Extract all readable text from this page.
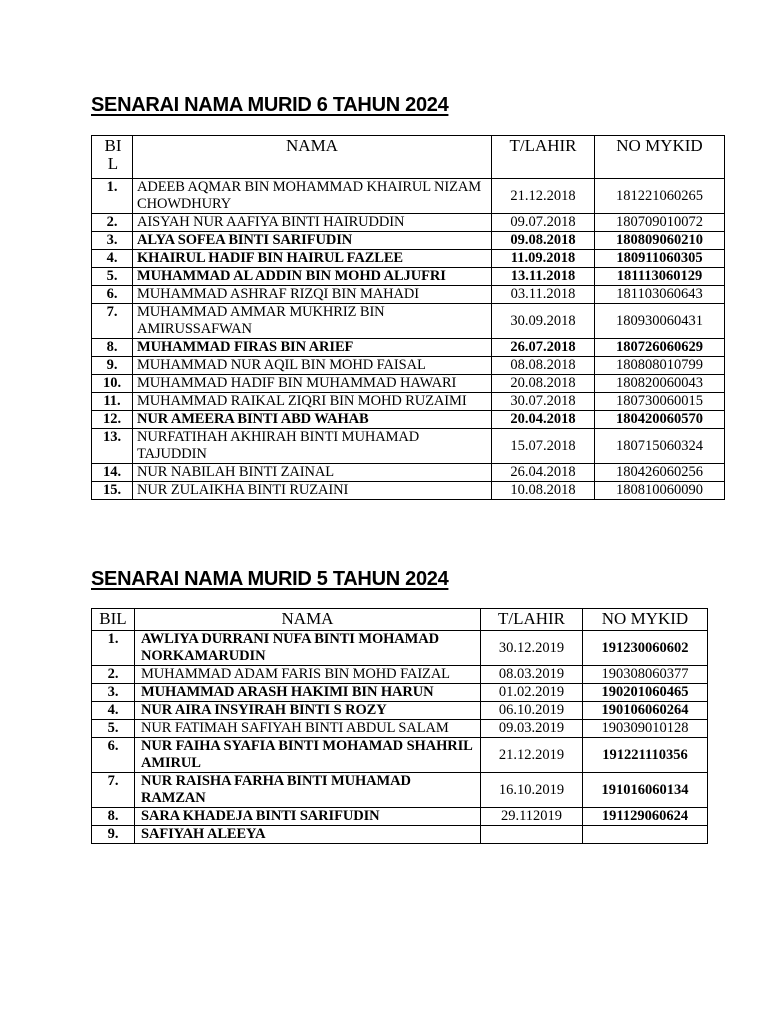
SENARAI NAMA MURID 6 TAHUN 2024
BI L	NAMA	T/LAHIR	NO MYKID
1.	ADEEB AQMAR BIN MOHAMMAD KHAIRUL NIZAM CHOWDHURY	21.12.2018	181221060265
2.	AISYAH NUR AAFIYA BINTI HAIRUDDIN	09.07.2018	180709010072
3.	ALYA SOFEA BINTI SARIFUDIN	09.08.2018	180809060210
4.	KHAIRUL HADIF BIN HAIRUL FAZLEE	11.09.2018	180911060305
5.	MUHAMMAD AL ADDIN BIN MOHD ALJUFRI	13.11.2018	181113060129
6.	MUHAMMAD ASHRAF RIZQI BIN MAHADI	03.11.2018	181103060643
7.	MUHAMMAD AMMAR MUKHRIZ BIN AMIRUSSAFWAN	30.09.2018	180930060431
8.	MUHAMMAD FIRAS BIN ARIEF	26.07.2018	180726060629
9.	MUHAMMAD NUR AQIL BIN MOHD FAISAL	08.08.2018	180808010799
10.	MUHAMMAD HADIF BIN MUHAMMAD HAWARI	20.08.2018	180820060043
11.	MUHAMMAD RAIKAL ZIQRI BIN MOHD RUZAIMI	30.07.2018	180730060015
12.	NUR AMEERA BINTI ABD WAHAB	20.04.2018	180420060570
13.	NURFATIHAH AKHIRAH BINTI MUHAMAD TAJUDDIN	15.07.2018	180715060324
14.	NUR NABILAH BINTI ZAINAL	26.04.2018	180426060256
15.	NUR ZULAIKHA BINTI RUZAINI	10.08.2018	180810060090
SENARAI NAMA MURID 5 TAHUN 2024
BIL	NAMA	T/LAHIR	NO MYKID
1.	AWLIYA DURRANI NUFA BINTI MOHAMAD NORKAMARUDIN	30.12.2019	191230060602
2.	MUHAMMAD ADAM FARIS BIN MOHD FAIZAL	08.03.2019	190308060377
3.	MUHAMMAD ARASH HAKIMI BIN HARUN	01.02.2019	190201060465
4.	NUR AIRA INSYIRAH BINTI S ROZY	06.10.2019	190106060264
5.	NUR FATIMAH SAFIYAH BINTI ABDUL SALAM	09.03.2019	190309010128
6.	NUR FAIHA SYAFIA BINTI MOHAMAD SHAHRIL AMIRUL	21.12.2019	191221110356
7.	NUR RAISHA FARHA BINTI MUHAMAD RAMZAN	16.10.2019	191016060134
8.	SARA KHADEJA BINTI SARIFUDIN	29.112019	191129060624
9.	SAFIYAH ALEEYA		
